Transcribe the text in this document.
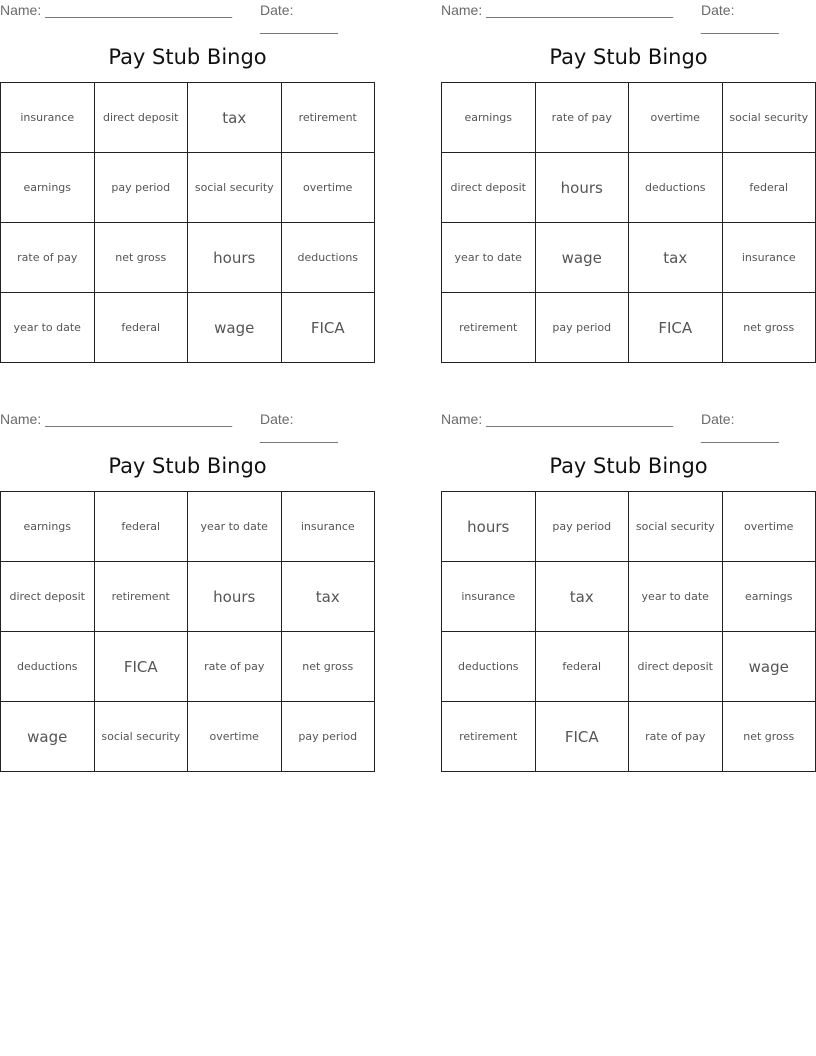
Name: ________________________ Date: __________
Pay Stub Bingo
insurance	direct deposit	tax	retirement
earnings	pay period	social security	overtime
rate of pay	net gross	hours	deductions
year to date	federal	wage	FICA
Name: ________________________ Date: __________
Pay Stub Bingo
earnings	rate of pay	overtime	social security
direct deposit	hours	deductions	federal
year to date	wage	tax	insurance
retirement	pay period	FICA	net gross
Name: ________________________ Date: __________
Pay Stub Bingo
earnings	federal	year to date	insurance
direct deposit	retirement	hours	tax
deductions	FICA	rate of pay	net gross
wage	social security	overtime	pay period
Name: ________________________ Date: __________
Pay Stub Bingo
hours	pay period	social security	overtime
insurance	tax	year to date	earnings
deductions	federal	direct deposit	wage
retirement	FICA	rate of pay	net gross
